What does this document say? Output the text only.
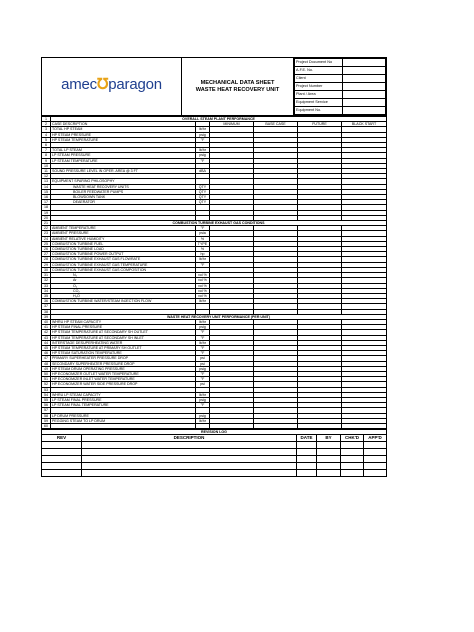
amec℧paragon	MECHANICAL DATA SHEET
WASTE HEAT RECOVERY UNIT

Project Document No	
A.F.E. No.	
Client	
Project Number	
Plant / Area	
Equipment Service	
Equipment No.	
1	OVERALL STEAM PLANT PERFORMANCE					
2	CASE DESCRIPTION		MINIMUM	BASE CASE	FUTURE	BLACK START
3	TOTAL HP STEAM	lb/hr				
4	HP STEAM PRESSURE	psig				
5	HP STEAM TEMPERATURE	°F				
6						
7	TOTAL LP STEAM	lb/hr				
8	LP STEAM PRESSURE	psig				
9	LP STEAM TEMPERATURE	°F				
10						
11	SOUND PRESSURE LEVEL IN OPER. AREA @ 3 FT	dBA				
12						
13	EQUIPMENT SPARING PHILOSOPHY					
14	WASTE HEAT RECOVERY UNITS	QTY				
15	BOILER FEEDWATER PUMPS	QTY				
16	BLOWDOWN TANK	QTY				
17	DEAERATOR	QTY				
18						
19						
20						
21	COMBUSTION TURBINE EXHAUST GAS CONDITIONS					
22	AMBIENT TEMPERATURE	°F				
23	AMBIENT PRESSURE	psia				
24	AMBIENT RELATIVE HUMIDITY	%				
25	COMBUSTION TURBINE FUEL	TYPE				
26	COMBUSTION TURBINE LOAD	%				
27	COMBUSTION TURBINE POWER OUTPUT	hp				
28	COMBUSTION TURBINE EXHAUST GAS FLOWRATE	lb/hr				
29	COMBUSTION TURBINE EXHAUST GAS TEMPERATURE	°F				
30	COMBUSTION TURBINE EXHAUST GAS COMPOSITION					
31	N₂	vol %				
32	Ar	vol %				
33	O₂	vol %				
34	CO₂	vol %				
35	H₂O	vol %				
36	COMBUSTION TURBINE WATER/STEAM INJECTION FLOW	lb/hr				
37						
38						
39	WASTE HEAT RECOVERY UNIT PERFORMANCE (PER UNIT)					
40	WHRU HP STEAM CAPACITY	lb/hr				
41	HP STEAM FINAL PRESSURE	psig				
42	HP STEAM TEMPERATURE AT SECONDARY SH OUTLET	°F				
43	HP STEAM TEMPERATURE AT SECONDARY SH INLET	°F				
44	INTERSTAGE DESUPERHEATING WATER	lb/hr				
45	HP STEAM TEMPERATURE AT PRIMARY SH OUTLET	°F				
46	HP STEAM SATURATION TEMPERATURE	°F				
47	PRIMARY SUPERHEATER PRESSURE DROP	psi				
48	SECONDARY SUPERHEATER PRESSURE DROP	psi				
49	HP STEAM DRUM OPERATING PRESSURE	psig				
50	HP ECONOMIZER OUTLET WATER TEMPERATURE	°F				
51	HP ECONOMIZER INLET WATER TEMPERATURE	°F				
52	HP ECONOMIZER WATER SIDE PRESSURE DROP	psi				
53						
54	WHRU LP STEAM CAPACITY	lb/hr				
55	LP STEAM FINAL PRESSURE	psig				
56	LP STEAM FINAL TEMPERATURE	°F				
57						
58	LP DRUM PRESSURE	psig				
59	PEGGING STEAM TO LP DRUM	lb/hr				
60						
REVISION LOG					
REV	DESCRIPTION	DATE	BY	CHK'D	APP'D
